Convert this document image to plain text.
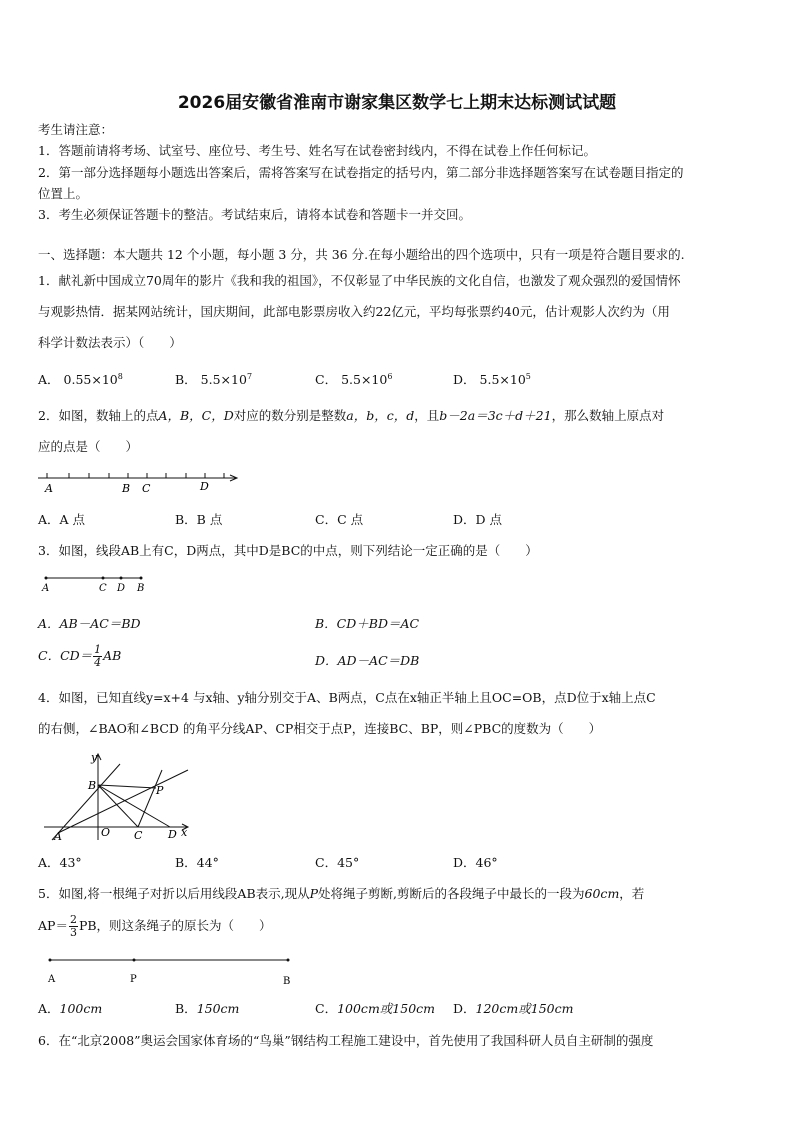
2026届安徽省淮南市谢家集区数学七上期末达标测试试题
考生请注意：
1．答题前请将考场、试室号、座位号、考生号、姓名写在试卷密封线内，不得在试卷上作任何标记。
2．第一部分选择题每小题选出答案后，需将答案写在试卷指定的括号内，第二部分非选择题答案写在试卷题目指定的
位置上。
3．考生必须保证答题卡的整洁。考试结束后，请将本试卷和答题卡一并交回。
一、选择题：本大题共 12 个小题，每小题 3 分，共 36 分.在每小题给出的四个选项中，只有一项是符合题目要求的.
1．献礼新中国成立70周年的影片《我和我的祖国》，不仅彰显了中华民族的文化自信，也激发了观众强烈的爱国情怀
与观影热情．据某网站统计，国庆期间，此部电影票房收入约22亿元，平均每张票约40元，估计观影人次约为（用
科学计数法表示）（　　）
A． $0.55\times 10^8$	B． $5.5\times 10^7$	C． $5.5\times 10^6$	D． $5.5\times 10^5$
2．如图，数轴上的点A，B，C，D对应的数分别是整数a，b，c，d，且b－2a＝3c＋d＋21，那么数轴上原点对
应的点是（　　）
A	B C	D
A．A 点	B．B 点	C．C 点	D．D 点
3．如图，线段AB上有C，D两点，其中D是BC的中点，则下列结论一定正确的是（　　）
A	C D B
A．AB－AC＝BD	B．CD＋BD＝AC
C．$CD= \frac{1}{4}$ AB	D．AD－AC＝DB
4．如图，已知直线y=x+4 与x轴、y轴分别交于A、B两点，C点在x轴正半轴上且OC=OB，点D位于x轴上点C
的右侧，∠BAO和∠BCD 的角平分线AP、CP相交于点P，连接BC、BP，则∠PBC的度数为（　　）
y
B	P
A	O C D x
A．43°	B．44°	C．45°	D．46°
5．如图,将一根绳子对折以后用线段AB表示,现从P处将绳子剪断,剪断后的各段绳子中最长的一段为60cm，若
$AP= \frac{2}{3}$ PB，则这条绳子的原长为（　　）
A	P	B
A．100cm	B．150cm	C．100cm或150cm D．120cm或150cm
6．在“北京2008”奥运会国家体育场的“鸟巢”钢结构工程施工建设中，首先使用了我国科研人员自主研制的强度
